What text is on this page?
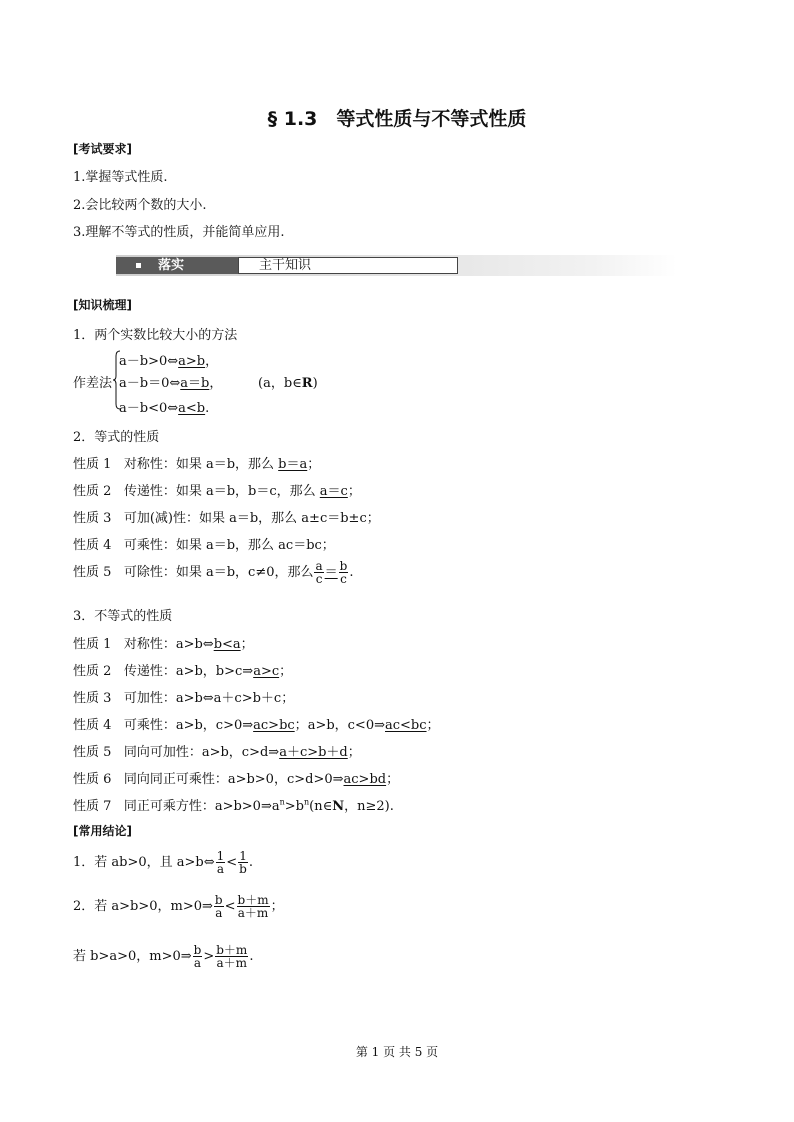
§ 1.3　等式性质与不等式性质
[考试要求]
1.掌握等式性质.
2.会比较两个数的大小.
3.理解不等式的性质，并能简单应用.
落实	主干知识
[知识梳理]
1．两个实数比较大小的方法
作差法
a－b>0⇔a>b，
a－b＝0⇔a＝b，
a－b<0⇔a<b.
(a，b∈R)
2．等式的性质
性质 1 对称性：如果 a＝b，那么 b＝a；
性质 2 传递性：如果 a＝b，b＝c，那么 a＝c；
性质 3 可加(减)性：如果 a＝b，那么 a±c＝b±c；
性质 4 可乘性：如果 a＝b，那么 ac＝bc；
性质 5 可除性：如果 a＝b，c≠0，那么 $\frac{a}{c} = \frac{b}{c}$ .
3．不等式的性质
性质 1 对称性：a>b⇔b<a；
性质 2 传递性：a>b，b>c⇒a>c；
性质 3 可加性：a>b⇔a＋c>b＋c；
性质 4 可乘性：a>b，c>0⇒ac>bc；a>b，c<0⇒ac<bc；
性质 5 同向可加性：a>b，c>d⇒a＋c>b＋d；
性质 6 同向同正可乘性：a>b>0，c>d>0⇒ac>bd；
性质 7 同正可乘方性：$a>b>0\Rightarrow a^n>b^n(n\in N$，n≥2).
[常用结论]
1．若 ab>0，且 a>b⇔ $\frac{1}{a} < \frac{1}{b}$ .
2．若 a>b>0，m>0⇒ $\frac{b}{a} < \frac{b+m}{a+m}$ ；
若 b>a>0，m>0⇒ $\frac{b}{a} > \frac{b+m}{a+m}$ .
第 1 页 共 5 页
